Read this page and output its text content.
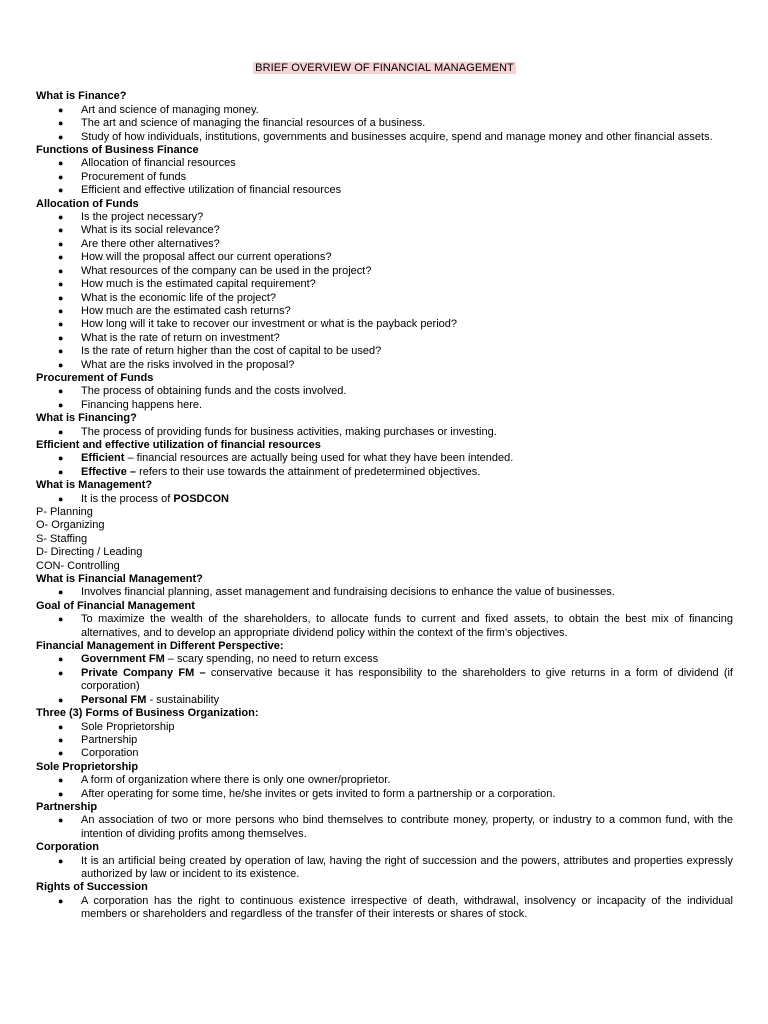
BRIEF OVERVIEW OF FINANCIAL MANAGEMENT
What is Finance?
● Art and science of managing money.
● The art and science of managing the financial resources of a business.
● Study of how individuals, institutions, governments and businesses acquire, spend and manage money and other financial assets.
Functions of Business Finance
● Allocation of financial resources
● Procurement of funds
● Efficient and effective utilization of financial resources
Allocation of Funds
● Is the project necessary?
● What is its social relevance?
● Are there other alternatives?
● How will the proposal affect our current operations?
● What resources of the company can be used in the project?
● How much is the estimated capital requirement?
● What is the economic life of the project?
● How much are the estimated cash returns?
● How long will it take to recover our investment or what is the payback period?
● What is the rate of return on investment?
● Is the rate of return higher than the cost of capital to be used?
● What are the risks involved in the proposal?
Procurement of Funds
● The process of obtaining funds and the costs involved.
● Financing happens here.
What is Financing?
● The process of providing funds for business activities, making purchases or investing.
Efficient and effective utilization of financial resources
● Efficient – financial resources are actually being used for what they have been intended.
● Effective – refers to their use towards the attainment of predetermined objectives.
What is Management?
● It is the process of POSDCON
P- Planning
O- Organizing
S- Staffing
D- Directing / Leading
CON- Controlling
What is Financial Management?
● Involves financial planning, asset management and fundraising decisions to enhance the value of businesses.
Goal of Financial Management
● To maximize the wealth of the shareholders, to allocate funds to current and fixed assets, to obtain the best mix of financing alternatives, and to develop an appropriate dividend policy within the context of the firm’s objectives.
Financial Management in Different Perspective:
● Government FM – scary spending, no need to return excess
● Private Company FM – conservative because it has responsibility to the shareholders to give returns in a form of dividend (if corporation)
● Personal FM - sustainability
Three (3) Forms of Business Organization:
● Sole Proprietorship
● Partnership
● Corporation
Sole Proprietorship
● A form of organization where there is only one owner/proprietor.
● After operating for some time, he/she invites or gets invited to form a partnership or a corporation.
Partnership
● An association of two or more persons who bind themselves to contribute money, property, or industry to a common fund, with the intention of dividing profits among themselves.
Corporation
● It is an artificial being created by operation of law, having the right of succession and the powers, attributes and properties expressly authorized by law or incident to its existence.
Rights of Succession
● A corporation has the right to continuous existence irrespective of death, withdrawal, insolvency or incapacity of the individual members or shareholders and regardless of the transfer of their interests or shares of stock.
